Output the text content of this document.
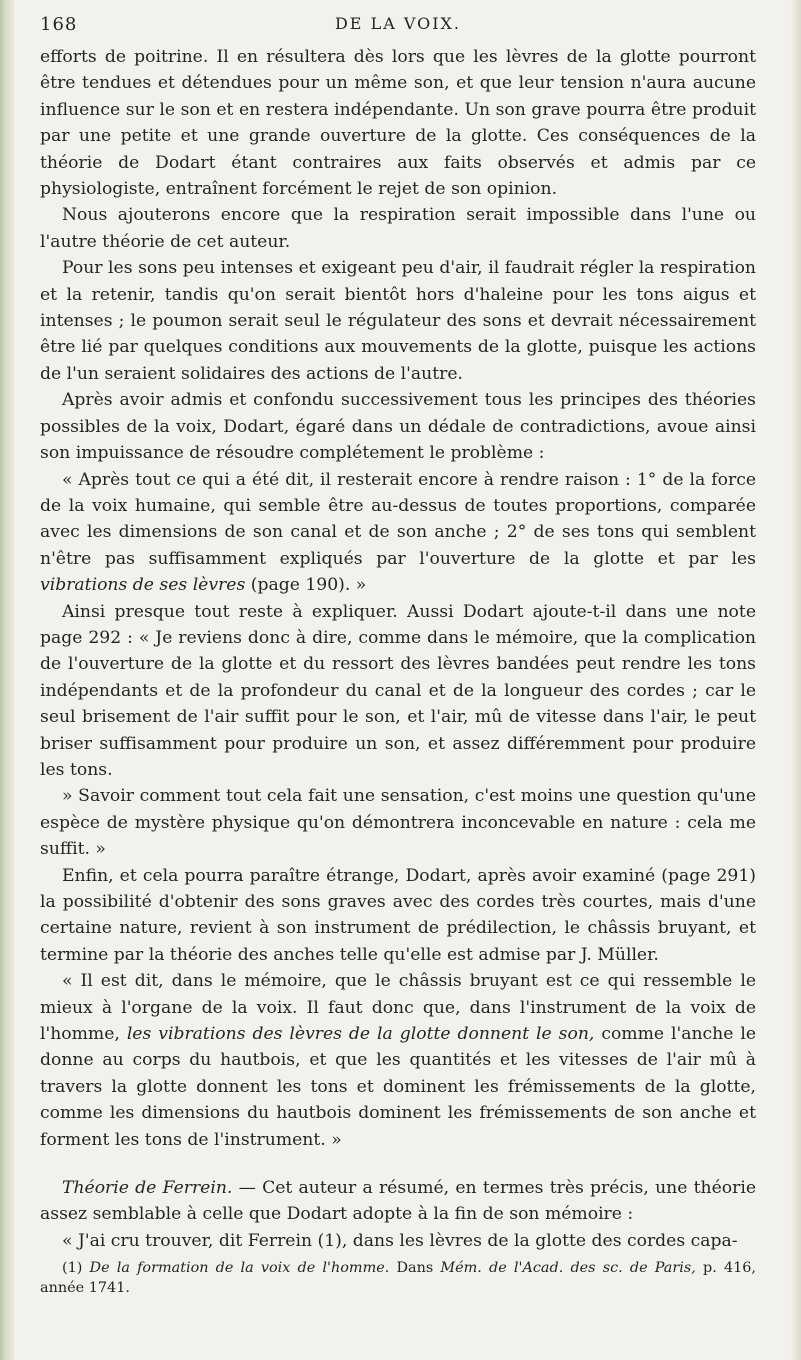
168	DE LA VOIX.

efforts de poitrine. Il en résultera dès lors que les lèvres de la glotte pourront être tendues et détendues pour un même son, et que leur tension n'aura aucune influence sur le son et en restera indépendante. Un son grave pourra être produit par une petite et une grande ouverture de la glotte. Ces conséquences de la théorie de Dodart étant contraires aux faits observés et admis par ce physiologiste, entraînent forcément le rejet de son opinion.

Nous ajouterons encore que la respiration serait impossible dans l'une ou l'autre théorie de cet auteur.

Pour les sons peu intenses et exigeant peu d'air, il faudrait régler la respiration et la retenir, tandis qu'on serait bientôt hors d'haleine pour les tons aigus et intenses ; le poumon serait seul le régulateur des sons et devrait nécessairement être lié par quelques conditions aux mouvements de la glotte, puisque les actions de l'un seraient solidaires des actions de l'autre.

Après avoir admis et confondu successivement tous les principes des théories possibles de la voix, Dodart, égaré dans un dédale de contradictions, avoue ainsi son impuissance de résoudre complétement le problème :

« Après tout ce qui a été dit, il resterait encore à rendre raison : 1° de la force de la voix humaine, qui semble être au-dessus de toutes proportions, comparée avec les dimensions de son canal et de son anche ; 2° de ses tons qui semblent n'être pas suffisamment expliqués par l'ouverture de la glotte et par les vibrations de ses lèvres (page 190). »

Ainsi presque tout reste à expliquer. Aussi Dodart ajoute-t-il dans une note page 292 : « Je reviens donc à dire, comme dans le mémoire, que la complication de l'ouverture de la glotte et du ressort des lèvres bandées peut rendre les tons indépendants et de la profondeur du canal et de la longueur des cordes ; car le seul brisement de l'air suffit pour le son, et l'air, mû de vitesse dans l'air, le peut briser suffisamment pour produire un son, et assez différemment pour produire les tons.

» Savoir comment tout cela fait une sensation, c'est moins une question qu'une espèce de mystère physique qu'on démontrera inconcevable en nature : cela me suffit. »

Enfin, et cela pourra paraître étrange, Dodart, après avoir examiné (page 291) la possibilité d'obtenir des sons graves avec des cordes très courtes, mais d'une certaine nature, revient à son instrument de prédilection, le châssis bruyant, et termine par la théorie des anches telle qu'elle est admise par J. Müller.

« Il est dit, dans le mémoire, que le châssis bruyant est ce qui ressemble le mieux à l'organe de la voix. Il faut donc que, dans l'instrument de la voix de l'homme, les vibrations des lèvres de la glotte donnent le son, comme l'anche le donne au corps du hautbois, et que les quantités et les vitesses de l'air mû à travers la glotte donnent les tons et dominent les frémissements de la glotte, comme les dimensions du hautbois dominent les frémissements de son anche et forment les tons de l'instrument. »

Théorie de Ferrein. — Cet auteur a résumé, en termes très précis, une théorie assez semblable à celle que Dodart adopte à la fin de son mémoire :

« J'ai cru trouver, dit Ferrein (1), dans les lèvres de la glotte des cordes capa-

(1) De la formation de la voix de l'homme. Dans Mém. de l'Acad. des sc. de Paris, p. 416, année 1741.
